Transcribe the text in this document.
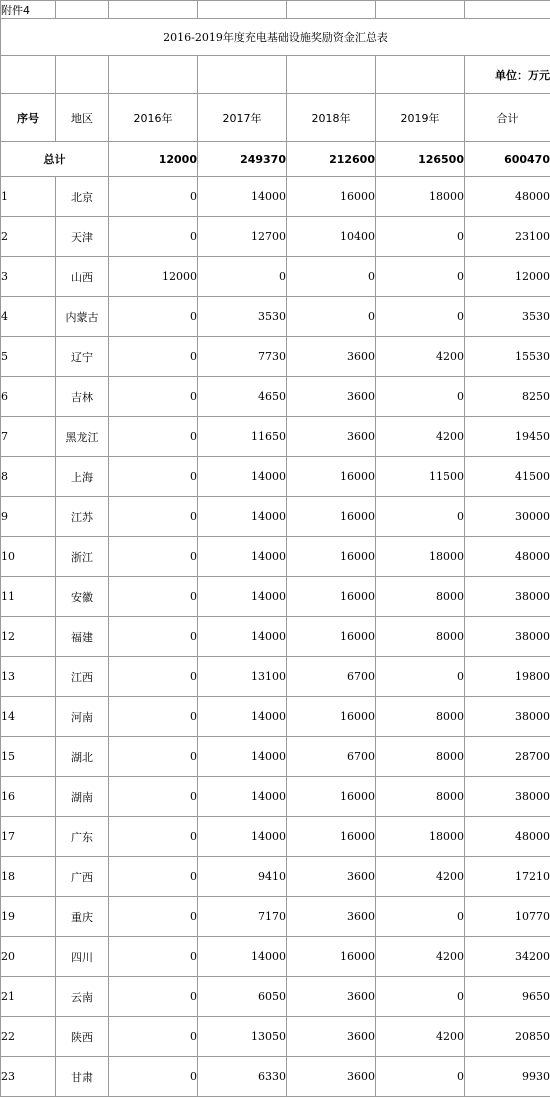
附件4						
2016-2019年度充电基础设施奖励资金汇总表						
						单位：万元
序号	地区	2016年	2017年	2018年	2019年	合计
总计		12000	249370	212600	126500	600470
1	北京	0	14000	16000	18000	48000
2	天津	0	12700	10400	0	23100
3	山西	12000	0	0	0	12000
4	内蒙古	0	3530	0	0	3530
5	辽宁	0	7730	3600	4200	15530
6	吉林	0	4650	3600	0	8250
7	黑龙江	0	11650	3600	4200	19450
8	上海	0	14000	16000	11500	41500
9	江苏	0	14000	16000	0	30000
10	浙江	0	14000	16000	18000	48000
11	安徽	0	14000	16000	8000	38000
12	福建	0	14000	16000	8000	38000
13	江西	0	13100	6700	0	19800
14	河南	0	14000	16000	8000	38000
15	湖北	0	14000	6700	8000	28700
16	湖南	0	14000	16000	8000	38000
17	广东	0	14000	16000	18000	48000
18	广西	0	9410	3600	4200	17210
19	重庆	0	7170	3600	0	10770
20	四川	0	14000	16000	4200	34200
21	云南	0	6050	3600	0	9650
22	陕西	0	13050	3600	4200	20850
23	甘肃	0	6330	3600	0	9930
